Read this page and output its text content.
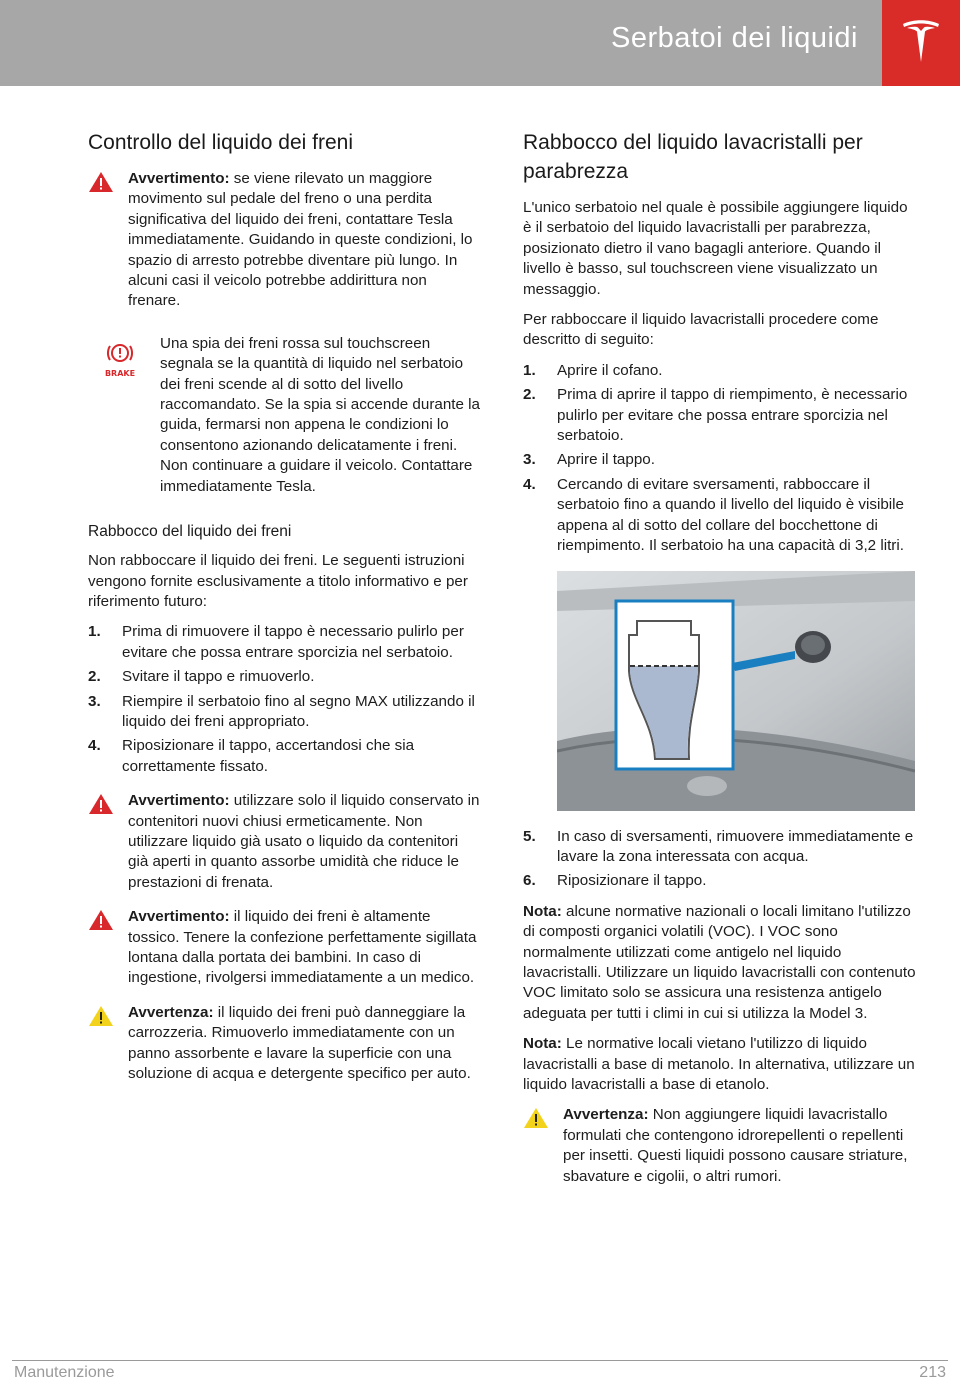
Serbatoi dei liquidi
Controllo del liquido dei freni
Avvertimento: se viene rilevato un maggiore movimento sul pedale del freno o una perdita significativa del liquido dei freni, contattare Tesla immediatamente. Guidando in queste condizioni, lo spazio di arresto potrebbe diventare più lungo. In alcuni casi il veicolo potrebbe addirittura non frenare.
BRAKE
Una spia dei freni rossa sul touchscreen segnala se la quantità di liquido nel serbatoio dei freni scende al di sotto del livello raccomandato. Se la spia si accende durante la guida, fermarsi non appena le condizioni lo consentono azionando delicatamente i freni. Non continuare a guidare il veicolo. Contattare immediatamente Tesla.
Rabbocco del liquido dei freni

Non rabboccare il liquido dei freni. Le seguenti istruzioni vengono fornite esclusivamente a titolo informativo e per riferimento futuro:

1. Prima di rimuovere il tappo è necessario pulirlo per evitare che possa entrare sporcizia nel serbatoio.
2. Svitare il tappo e rimuoverlo.
3. Riempire il serbatoio fino al segno MAX utilizzando il liquido dei freni appropriato.
4. Riposizionare il tappo, accertandosi che sia correttamente fissato.
Avvertimento: utilizzare solo il liquido conservato in contenitori nuovi chiusi ermeticamente. Non utilizzare liquido già usato o liquido da contenitori già aperti in quanto assorbe umidità che riduce le prestazioni di frenata.
Avvertimento: il liquido dei freni è altamente tossico. Tenere la confezione perfettamente sigillata lontana dalla portata dei bambini. In caso di ingestione, rivolgersi immediatamente a un medico.
Avvertenza: il liquido dei freni può danneggiare la carrozzeria. Rimuoverlo immediatamente con un panno assorbente e lavare la superficie con una soluzione di acqua e detergente specifico per auto.
Rabbocco del liquido lavacristalli per parabrezza

L'unico serbatoio nel quale è possibile aggiungere liquido è il serbatoio del liquido lavacristalli per parabrezza, posizionato dietro il vano bagagli anteriore. Quando il livello è basso, sul touchscreen viene visualizzato un messaggio.

Per rabboccare il liquido lavacristalli procedere come descritto di seguito:

1. Aprire il cofano.
2. Prima di aprire il tappo di riempimento, è necessario pulirlo per evitare che possa entrare sporcizia nel serbatoio.
3. Aprire il tappo.
4. Cercando di evitare sversamenti, rabboccare il serbatoio fino a quando il livello del liquido è visibile appena al di sotto del collare del bocchettone di riempimento. Il serbatoio ha una capacità di 3,2 litri.
5. In caso di sversamenti, rimuovere immediatamente e lavare la zona interessata con acqua.
6. Riposizionare il tappo.

Nota: alcune normative nazionali o locali limitano l'utilizzo di composti organici volatili (VOC). I VOC sono normalmente utilizzati come antigelo nel liquido lavacristalli. Utilizzare un liquido lavacristalli con contenuto VOC limitato solo se assicura una resistenza antigelo adeguata per tutti i climi in cui si utilizza la Model 3.

Nota: Le normative locali vietano l'utilizzo di liquido lavacristalli a base di metanolo. In alternativa, utilizzare un liquido lavacristalli a base di etanolo.

Avvertenza: Non aggiungere liquidi lavacristallo formulati che contengono idrorepellenti o repellenti per insetti. Questi liquidi possono causare striature, sbavature e cigolii, o altri rumori.
Manutenzione	213
